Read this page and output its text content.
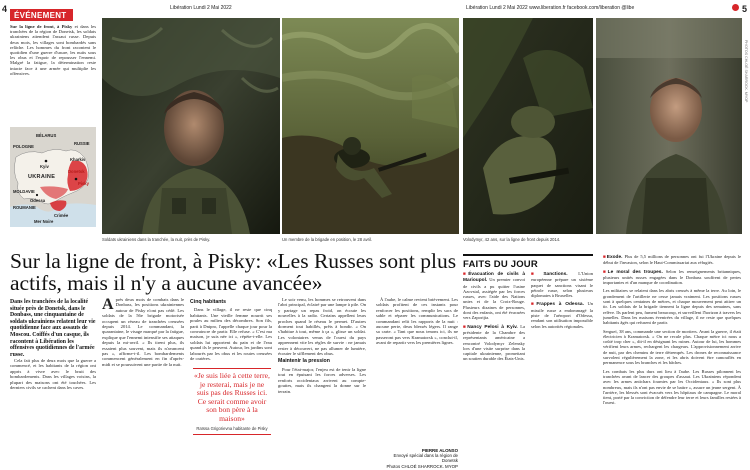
4	Libération Lundi 2 Mai 2022	Libération Lundi 2 Mai 2022 www.liberation.fr facebook.com/liberation @libe	5
ÉVÉNEMENT
Sur la ligne de front, à Pisky et dans les tranchées de la région de Donetsk, les soldats ukrainiens attendent l'assaut russe. Depuis deux mois, les villages sont bombardés sans relâche. Les hommes du front racontent le quotidien d'une guerre d'usure, les nuits sous les obus et l'espoir de repousser l'ennemi. Malgré la fatigue, la détermination reste intacte face à une armée qui multiplie les offensives.
BÉLARUS
POLOGNE
RUSSIE
Kyiv
Kharkiv
UKRAINE
Donetsk
Pisky
MOLDAVIE
ROUMANIE
Odessa
Crimée
Mer Noire
Soldats ukrainiens dans la tranchée, la nuit, près de Pisky.	Un membre de la brigade en position, le 28 avril.	Volodymyr, 42 ans, sur la ligne de front depuis 2014.
PHOTOS CHLOÉ SHARROCK. MYOP
Sur la ligne de front, à Pisky: «Les Russes sont plus actifs, mais il n'y a aucune avancée»
Dans les tranchées de la localité située près de Donetsk, dans le Donbass, une cinquantaine de soldats ukrainiens relatent leur vie quotidienne face aux assauts de Moscou. Coiffés d'un casque, ils racontent à Libération les offensives quotidiennes de l'armée russe.

Cela fait plus de deux mois que la guerre a commencé, et les habitants de la région ont appris à vivre avec le bruit des bombardements. Dans les villages voisins, la plupart des maisons ont été touchées. Les derniers civils se cachent dans les caves.

Après deux mois de combats dans le Donbass, les positions ukrainiennes autour de Pisky n'ont pas cédé. Les soldats de la 56e brigade motorisée occupent un réseau de tranchées creusées depuis 2014. Le commandant, la quarantaine, le visage marqué par la fatigue, explique que l'ennemi intensifie ses attaques depuis la mi-avril. « Ils tirent plus, ils essaient plus souvent, mais ils n'avancent pas », affirme-t-il. Les bombardements commencent généralement en fin d'après-midi et se poursuivent une partie de la nuit.

Cinq habitants

Dans le village, il ne reste que cinq habitants. Une vieille femme nourrit ses poules au milieu des décombres. Son fils, parti à Dnipro, l'appelle chaque jour pour la convaincre de partir. Elle refuse. « C'est ma maison, je suis née ici », répète-t-elle. Les soldats lui apportent du pain et de l'eau quand ils le peuvent. Autour, les jardins sont labourés par les obus et les routes creusées de cratères.

Le soir venu, les hommes se retrouvent dans l'abri principal, éclairé par une lampe à pile. On y partage un repas froid, on écoute les nouvelles à la radio. Certains appellent leurs proches quand le réseau le permet. D'autres dorment tout habillés, prêts à bondir. « On s'habitue à tout, même à ça », glisse un soldat. Les volontaires venus de l'ouest du pays apprennent vite les règles de survie : ne jamais rester à découvert, ne pas allumer de lumière, écouter le sifflement des obus.

Maintenir la pression

Pour l'état-major, l'enjeu est de tenir la ligne tout en épuisant les forces adverses. Les renforts occidentaux arrivent au compte-gouttes, mais ils changent la donne sur le terrain.

À l'aube, le calme revient brièvement. Les soldats profitent de ces instants pour renforcer les positions, remplir les sacs de sable et réparer les communications. Le commandant relit les rapports de la nuit : aucune perte, deux blessés légers. Il range sa carte. « Tant que nous tenons ici, ils ne passeront pas vers Kramatorsk », conclut-il, avant de repartir vers les premières lignes.

«Je suis liée à cette terre, je resterai, mais je ne suis pas des Russes ici. Ce serait comme avoir son bon père à la maison»
Raïssa Grigorievna habitante de Pisky
PIERRE ALONSO
Envoyé spécial dans la région de Donetsk
Photos CHLOÉ SHARROCK. MYOP
FAITS DU JOUR
■ Évacuation de civils à Marioupol. Un premier convoi de civils a pu quitter l'usine Azovstal, assiégée par les forces russes, avec l'aide des Nations unies et de la Croix-Rouge. Plusieurs dizaines de personnes, dont des enfants, ont été évacuées vers Zaporijia.
■ Nancy Pelosi à Kyiv. La présidente de la Chambre des représentants américaine a rencontré Volodymyr Zelensky lors d'une visite surprise dans la capitale ukrainienne, promettant un soutien durable des États-Unis.
■ Sanctions. L'Union européenne prépare un sixième paquet de sanctions visant le pétrole russe, selon plusieurs diplomates à Bruxelles.
■ Frappes à Odessa. Un missile russe a endommagé la piste de l'aéroport d'Odessa, rendant son utilisation impossible selon les autorités régionales.
■ Exode. Plus de 5,5 millions de personnes ont fui l'Ukraine depuis le début de l'invasion, selon le Haut-Commissariat aux réfugiés.
■ Le moral des troupes. Selon les renseignements britanniques, plusieurs unités russes engagées dans le Donbass souffrent de pertes importantes et d'un manque de coordination.
Les militaires se relaient dans les abris creusés à même la terre. Au loin, le grondement de l'artillerie ne cesse jamais vraiment. Les positions russes sont à quelques centaines de mètres, et chaque mouvement peut attirer un tir. Les soldats de la brigade tiennent la ligne depuis des semaines, sans relève. Ils parlent peu, fument beaucoup, et surveillent l'horizon à travers les jumelles. Dans les maisons éventrées du village, il ne reste que quelques habitants âgés qui refusent de partir.
Sergueï, 38 ans, commande une section de mortiers. Avant la guerre, il était électricien à Kramatorsk. « On ne recule plus. Chaque mètre ici nous a coûté trop cher », dit-il en désignant les ruines. Autour de lui, les hommes vérifient leurs armes, rechargent les chargeurs. L'approvisionnement arrive de nuit, par des chemins de terre détrempés. Les drones de reconnaissance survolent régulièrement la zone, et les abris doivent être camouflés en permanence sous les branches et les bâches.
Les combats les plus durs ont lieu à l'aube. Les Russes pilonnent les tranchées avant de lancer des groupes d'assaut. Les Ukrainiens répondent avec les armes antichars fournies par les Occidentaux. « Ils sont plus nombreux, mais ils n'ont pas envie de se battre », assure un jeune sergent. À l'arrière, les blessés sont évacués vers les hôpitaux de campagne. Le moral tient, porté par la conviction de défendre leur terre et leurs familles restées à l'ouest.
